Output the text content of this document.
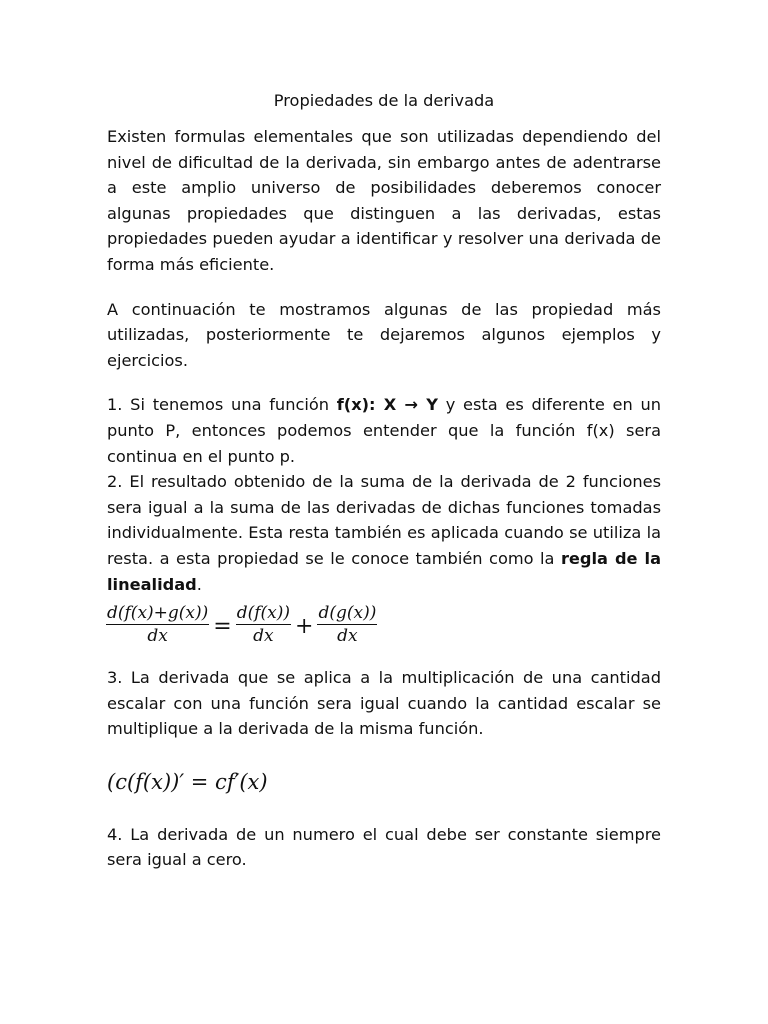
Propiedades de la derivada

Existen formulas elementales que son utilizadas dependiendo del nivel de dificultad de la derivada, sin embargo antes de adentrarse a este amplio universo de posibilidades deberemos conocer algunas propiedades que distinguen a las derivadas, estas propiedades pueden ayudar a identificar y resolver una derivada de forma más eficiente.

A continuación te mostramos algunas de las propiedad más utilizadas, posteriormente te dejaremos algunos ejemplos y ejercicios.

1. Si tenemos una función f(x): X → Y y esta es diferente en un punto P, entonces podemos entender que la función f(x) sera continua en el punto p.

2. El resultado obtenido de la suma de la derivada de 2 funciones sera igual a la suma de las derivadas de dichas funciones tomadas individualmente. Esta resta también es aplicada cuando se utiliza la resta. a esta propiedad se le conoce también como la regla de la linealidad.

$\frac{d(f(x)+g(x))}{dx} = \frac{d(f(x))}{dx} + \frac{d(g(x))}{dx}$

3. La derivada que se aplica a la multiplicación de una cantidad escalar con una función sera igual cuando la cantidad escalar se multiplique a la derivada de la misma función.

(c(f(x))′ = cf′(x)

4. La derivada de un numero el cual debe ser constante siempre sera igual a cero.
